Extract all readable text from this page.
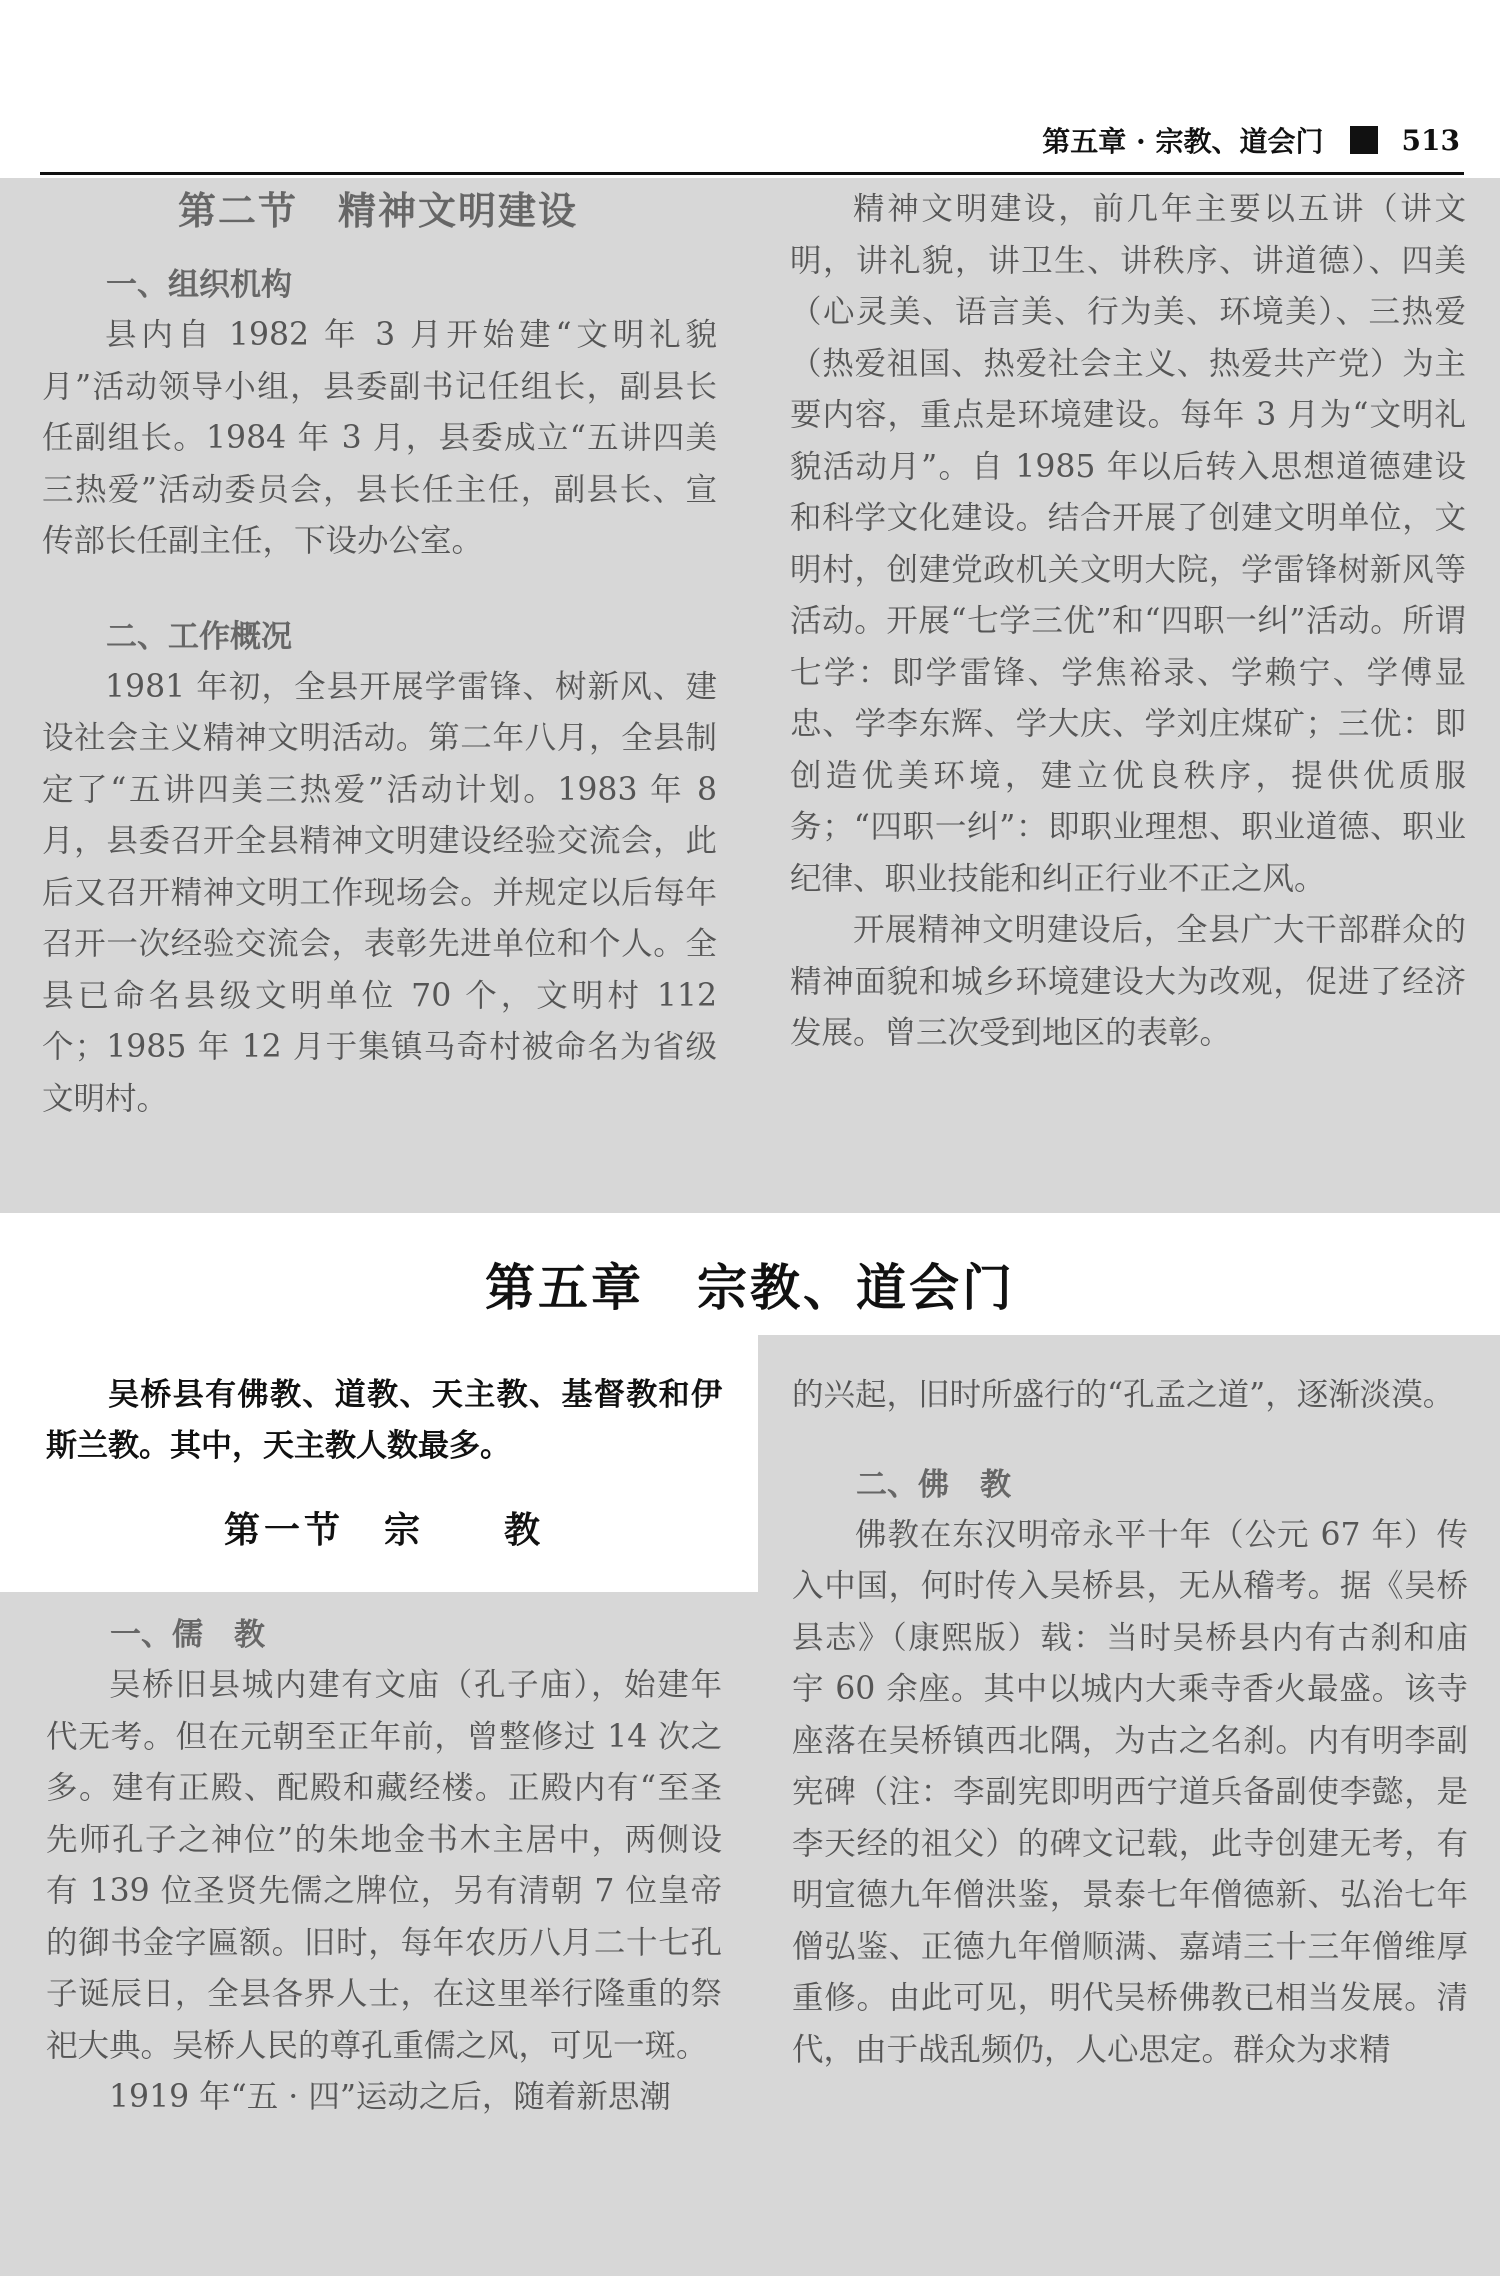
第五章 · 宗教、道会门	513
第二节　精神文明建设

一、组织机构

县内自 1982 年 3 月开始建“文明礼貌月”活动领导小组，县委副书记任组长，副县长任副组长。1984 年 3 月，县委成立“五讲四美三热爱”活动委员会，县长任主任，副县长、宣传部长任副主任，下设办公室。

二、工作概况

1981 年初，全县开展学雷锋、树新风、建设社会主义精神文明活动。第二年八月，全县制定了“五讲四美三热爱”活动计划。1983 年 8 月，县委召开全县精神文明建设经验交流会，此后又召开精神文明工作现场会。并规定以后每年召开一次经验交流会，表彰先进单位和个人。全县已命名县级文明单位 70 个，文明村 112 个；1985 年 12 月于集镇马奇村被命名为省级文明村。

精神文明建设，前几年主要以五讲（讲文明，讲礼貌，讲卫生、讲秩序、讲道德）、四美（心灵美、语言美、行为美、环境美）、三热爱（热爱祖国、热爱社会主义、热爱共产党）为主要内容，重点是环境建设。每年 3 月为“文明礼貌活动月”。自 1985 年以后转入思想道德建设和科学文化建设。结合开展了创建文明单位，文明村，创建党政机关文明大院，学雷锋树新风等活动。开展“七学三优”和“四职一纠”活动。所谓七学：即学雷锋、学焦裕录、学赖宁、学傅显忠、学李东辉、学大庆、学刘庄煤矿；三优：即创造优美环境，建立优良秩序，提供优质服务；“四职一纠”：即职业理想、职业道德、职业纪律、职业技能和纠正行业不正之风。

开展精神文明建设后，全县广大干部群众的精神面貌和城乡环境建设大为改观，促进了经济发展。曾三次受到地区的表彰。

第五章　宗教、道会门

吴桥县有佛教、道教、天主教、基督教和伊斯兰教。其中，天主教人数最多。

第一节　宗　　教

一、儒　教

吴桥旧县城内建有文庙（孔子庙），始建年代无考。但在元朝至正年前，曾整修过 14 次之多。建有正殿、配殿和藏经楼。正殿内有“至圣先师孔子之神位”的朱地金书木主居中，两侧设有 139 位圣贤先儒之牌位，另有清朝 7 位皇帝的御书金字匾额。旧时，每年农历八月二十七孔子诞辰日，全县各界人士，在这里举行隆重的祭祀大典。吴桥人民的尊孔重儒之风，可见一斑。

1919 年“五 · 四”运动之后，随着新思潮

的兴起，旧时所盛行的“孔孟之道”，逐渐淡漠。

二、佛　教

佛教在东汉明帝永平十年（公元 67 年）传入中国，何时传入吴桥县，无从稽考。据《吴桥县志》（康熙版）载：当时吴桥县内有古刹和庙宇 60 余座。其中以城内大乘寺香火最盛。该寺座落在吴桥镇西北隅，为古之名刹。内有明李副宪碑（注：李副宪即明西宁道兵备副使李懿，是李天经的祖父）的碑文记载，此寺创建无考，有明宣德九年僧洪鉴，景泰七年僧德新、弘治七年僧弘鉴、正德九年僧顺满、嘉靖三十三年僧维厚重修。由此可见，明代吴桥佛教已相当发展。清代，由于战乱频仍，人心思定。群众为求精
